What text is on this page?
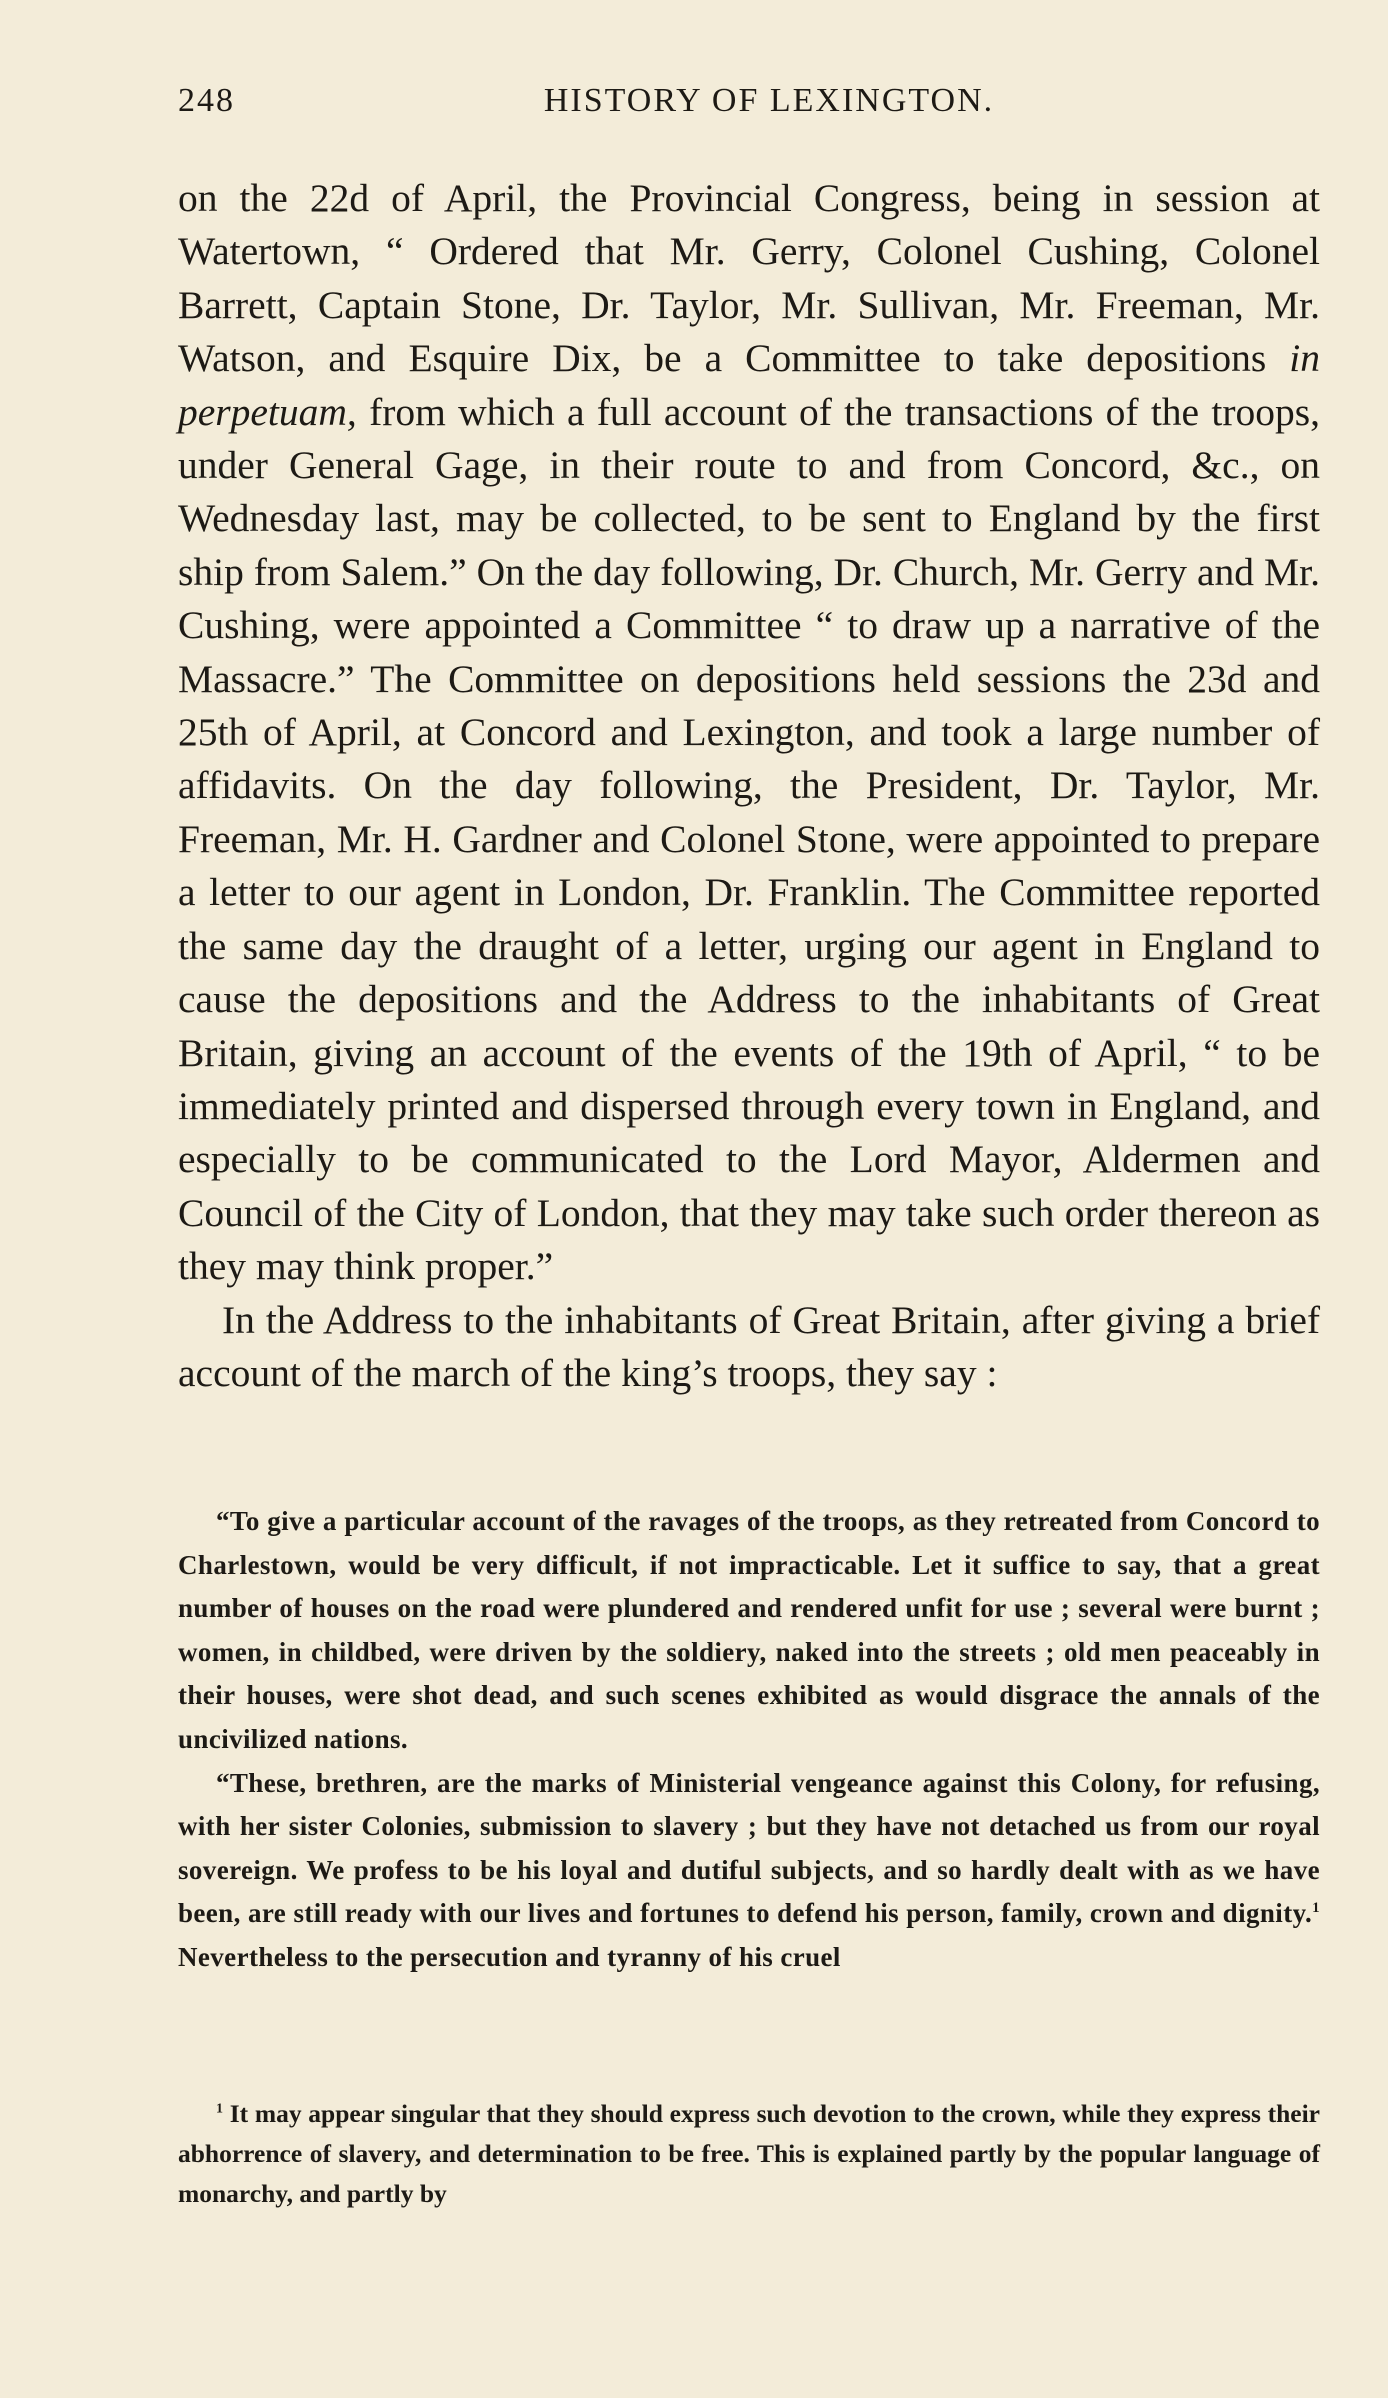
248	HISTORY OF LEXINGTON.

on the 22d of April, the Provincial Congress, being in session at Watertown, “ Ordered that Mr. Gerry, Colonel Cushing, Colonel Barrett, Captain Stone, Dr. Taylor, Mr. Sullivan, Mr. Freeman, Mr. Watson, and Esquire Dix, be a Committee to take depositions in perpetuam, from which a full account of the transactions of the troops, under General Gage, in their route to and from Concord, &c., on Wednesday last, may be collected, to be sent to England by the first ship from Salem.” On the day following, Dr. Church, Mr. Gerry and Mr. Cushing, were appointed a Committee “ to draw up a narrative of the Massacre.” The Committee on depositions held sessions the 23d and 25th of April, at Concord and Lexington, and took a large number of affidavits. On the day following, the President, Dr. Taylor, Mr. Freeman, Mr. H. Gardner and Colonel Stone, were appointed to prepare a letter to our agent in London, Dr. Franklin. The Committee reported the same day the draught of a letter, urging our agent in England to cause the depositions and the Address to the inhabitants of Great Britain, giving an account of the events of the 19th of April, “ to be immediately printed and dispersed through every town in England, and especially to be communicated to the Lord Mayor, Aldermen and Council of the City of London, that they may take such order thereon as they may think proper.”

In the Address to the inhabitants of Great Britain, after giving a brief account of the march of the king’s troops, they say :

“To give a particular account of the ravages of the troops, as they retreated from Concord to Charlestown, would be very difficult, if not impracticable. Let it suffice to say, that a great number of houses on the road were plundered and rendered unfit for use ; several were burnt ; women, in childbed, were driven by the soldiery, naked into the streets ; old men peaceably in their houses, were shot dead, and such scenes exhibited as would disgrace the annals of the uncivilized nations.

“These, brethren, are the marks of Ministerial vengeance against this Colony, for refusing, with her sister Colonies, submission to slavery ; but they have not detached us from our royal sovereign. We profess to be his loyal and dutiful subjects, and so hardly dealt with as we have been, are still ready with our lives and fortunes to defend his person, family, crown and dignity.$^1$ Nevertheless to the persecution and tyranny of his cruel

$^1$ It may appear singular that they should express such devotion to the crown, while they express their abhorrence of slavery, and determination to be free. This is explained partly by the popular language of monarchy, and partly by
